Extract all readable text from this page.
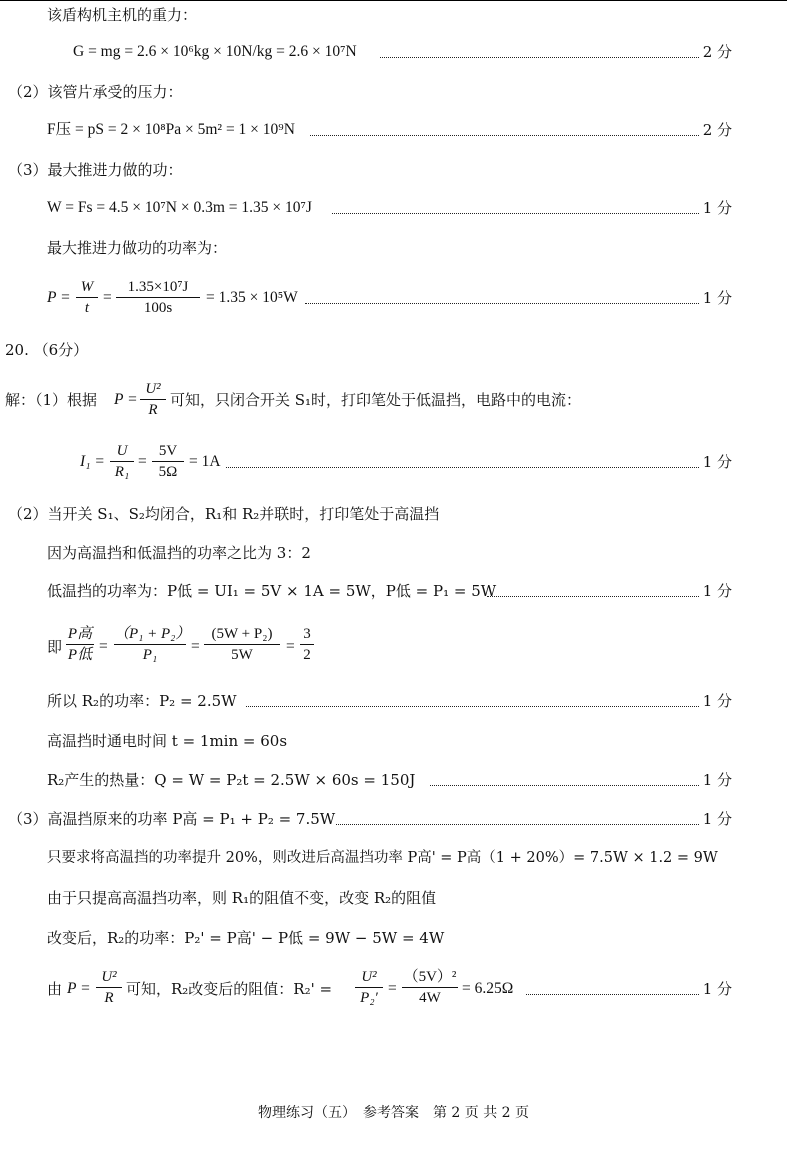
该盾构机主机的重力：
G = mg = 2.6 × 10⁶kg × 10N/kg = 2.6 × 10⁷N	2 分
（2）该管片承受的压力：
F压 = pS = 2 × 10⁸Pa × 5m² = 1 × 10⁹N	2 分
（3）最大推进力做的功：
W = Fs = 4.5 × 10⁷N × 0.3m = 1.35 × 10⁷J	1 分
最大推进力做功的功率为：
P =
W
t
=
1.35×10⁷J
100s
= 1.35 × 10⁵W	1 分
20. （6分）
解：（1）根据 P =
U²
R
可知，只闭合开关 S₁时，打印笔处于低温挡，电路中的电流：
I₁ =
U
R₁
=
5V
5Ω
= 1A	1 分
（2）当开关 S₁、S₂均闭合，R₁和 R₂并联时，打印笔处于高温挡
因为高温挡和低温挡的功率之比为 3：2
低温挡的功率为：P低 = UI₁ = 5V × 1A = 5W，P低 = P₁ = 5W	1 分
即
P高
P低 =
（P₁ + P₂）
P₁	=
(5W + P₂)
5W	=
3
2
所以 R₂的功率：P₂ = 2.5W	1 分
高温挡时通电时间 t = 1min = 60s
R₂产生的热量：Q = W = P₂t = 2.5W × 60s = 150J	1 分
（3）高温挡原来的功率 P高 = P₁ + P₂ = 7.5W	1 分
只要求将高温挡的功率提升 20%，则改进后高温挡功率 P高' = P高（1 + 20%）= 7.5W × 1.2 = 9W
由于只提高高温挡功率，则 R₁的阻值不变，改变 R₂的阻值
改变后，R₂的功率：P₂' = P高' − P低 = 9W − 5W = 4W
由 P =
U²
R 可知，R₂改变后的阻值：R₂' =
U²
P₂′
=
（5V）²
4W
= 6.25Ω	1 分
物理练习（五）　参考答案　第 2 页 共 2 页
